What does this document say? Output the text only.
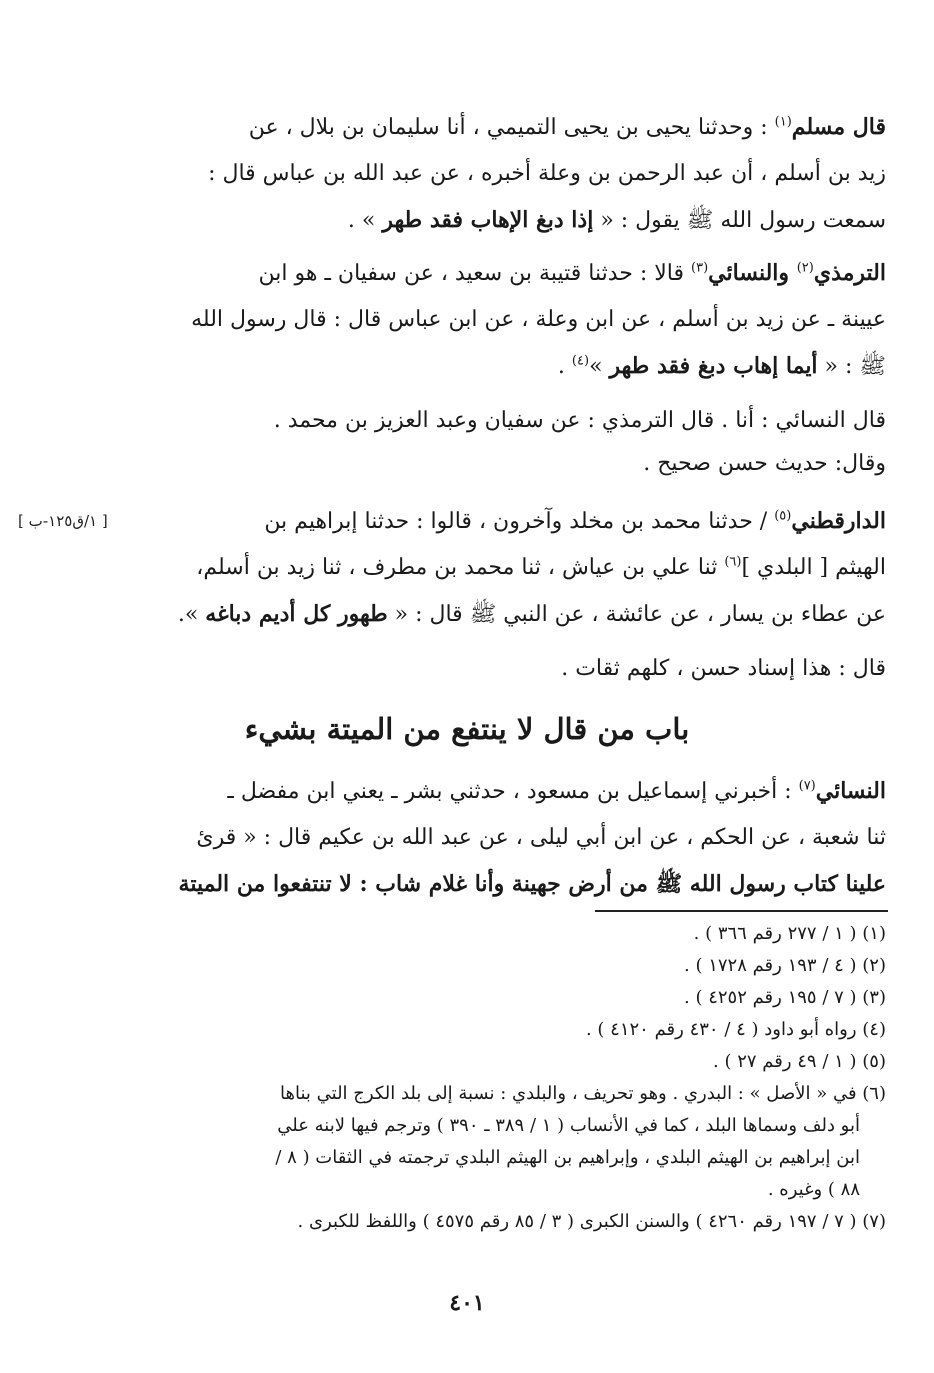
قال مسلم$^{(١)}$ : وحدثنا يحيى بن يحيى التميمي ، أنا سليمان بن بلال ، عن
زيد بن أسلم ، أن عبد الرحمن بن وعلة أخبره ، عن عبد الله بن عباس قال :
سمعت رسول الله ﷺ يقول : « إذا دبغ الإهاب فقد طهر » .
الترمذي$^{(٢)}$ والنسائي$^{(٣)}$ قالا : حدثنا قتيبة بن سعيد ، عن سفيان ـ هو ابن
عيينة ـ عن زيد بن أسلم ، عن ابن وعلة ، عن ابن عباس قال : قال رسول الله
ﷺ : « أيما إهاب دبغ فقد طهر »$^{(٤)}$ .
قال النسائي : أنا . قال الترمذي : عن سفيان وعبد العزيز بن محمد .
وقال: حديث حسن صحيح .
[ ١/ق١٢٥-ب ]	الدارقطني$^{(٥)}$ / حدثنا محمد بن مخلد وآخرون ، قالوا : حدثنا إبراهيم بن
الهيثم [ البلدي ]$^{(٦)}$ ثنا علي بن عياش ، ثنا محمد بن مطرف ، ثنا زيد بن أسلم،
عن عطاء بن يسار ، عن عائشة ، عن النبي ﷺ قال : « طهور كل أديم دباغه ».
قال : هذا إسناد حسن ، كلهم ثقات .
باب من قال لا ينتفع من الميتة بشيء
النسائي$^{(٧)}$ : أخبرني إسماعيل بن مسعود ، حدثني بشر ـ يعني ابن مفضل ـ
ثنا شعبة ، عن الحكم ، عن ابن أبي ليلى ، عن عبد الله بن عكيم قال : « قرئ
علينا كتاب رسول الله ﷺ من أرض جهينة وأنا غلام شاب : لا تنتفعوا من الميتة
(١) ( ١ / ٢٧٧ رقم ٣٦٦ ) .
(٢) ( ٤ / ١٩٣ رقم ١٧٢٨ ) .
(٣) ( ٧ / ١٩٥ رقم ٤٢٥٢ ) .
(٤) رواه أبو داود ( ٤ / ٤٣٠ رقم ٤١٢٠ ) .
(٥) ( ١ / ٤٩ رقم ٢٧ ) .
(٦) في « الأصل » : البدري . وهو تحريف ، والبلدي : نسبة إلى بلد الكرج التي بناها
أبو دلف وسماها البلد ، كما في الأنساب ( ١ / ٣٨٩ ـ ٣٩٠ ) وترجم فيها لابنه علي
ابن إبراهيم بن الهيثم البلدي ، وإبراهيم بن الهيثم البلدي ترجمته في الثقات ( ٨ /
٨٨ ) وغيره .
(٧) ( ٧ / ١٩٧ رقم ٤٢٦٠ ) والسنن الكبرى ( ٣ / ٨٥ رقم ٤٥٧٥ ) واللفظ للكبرى .
٤٠١
